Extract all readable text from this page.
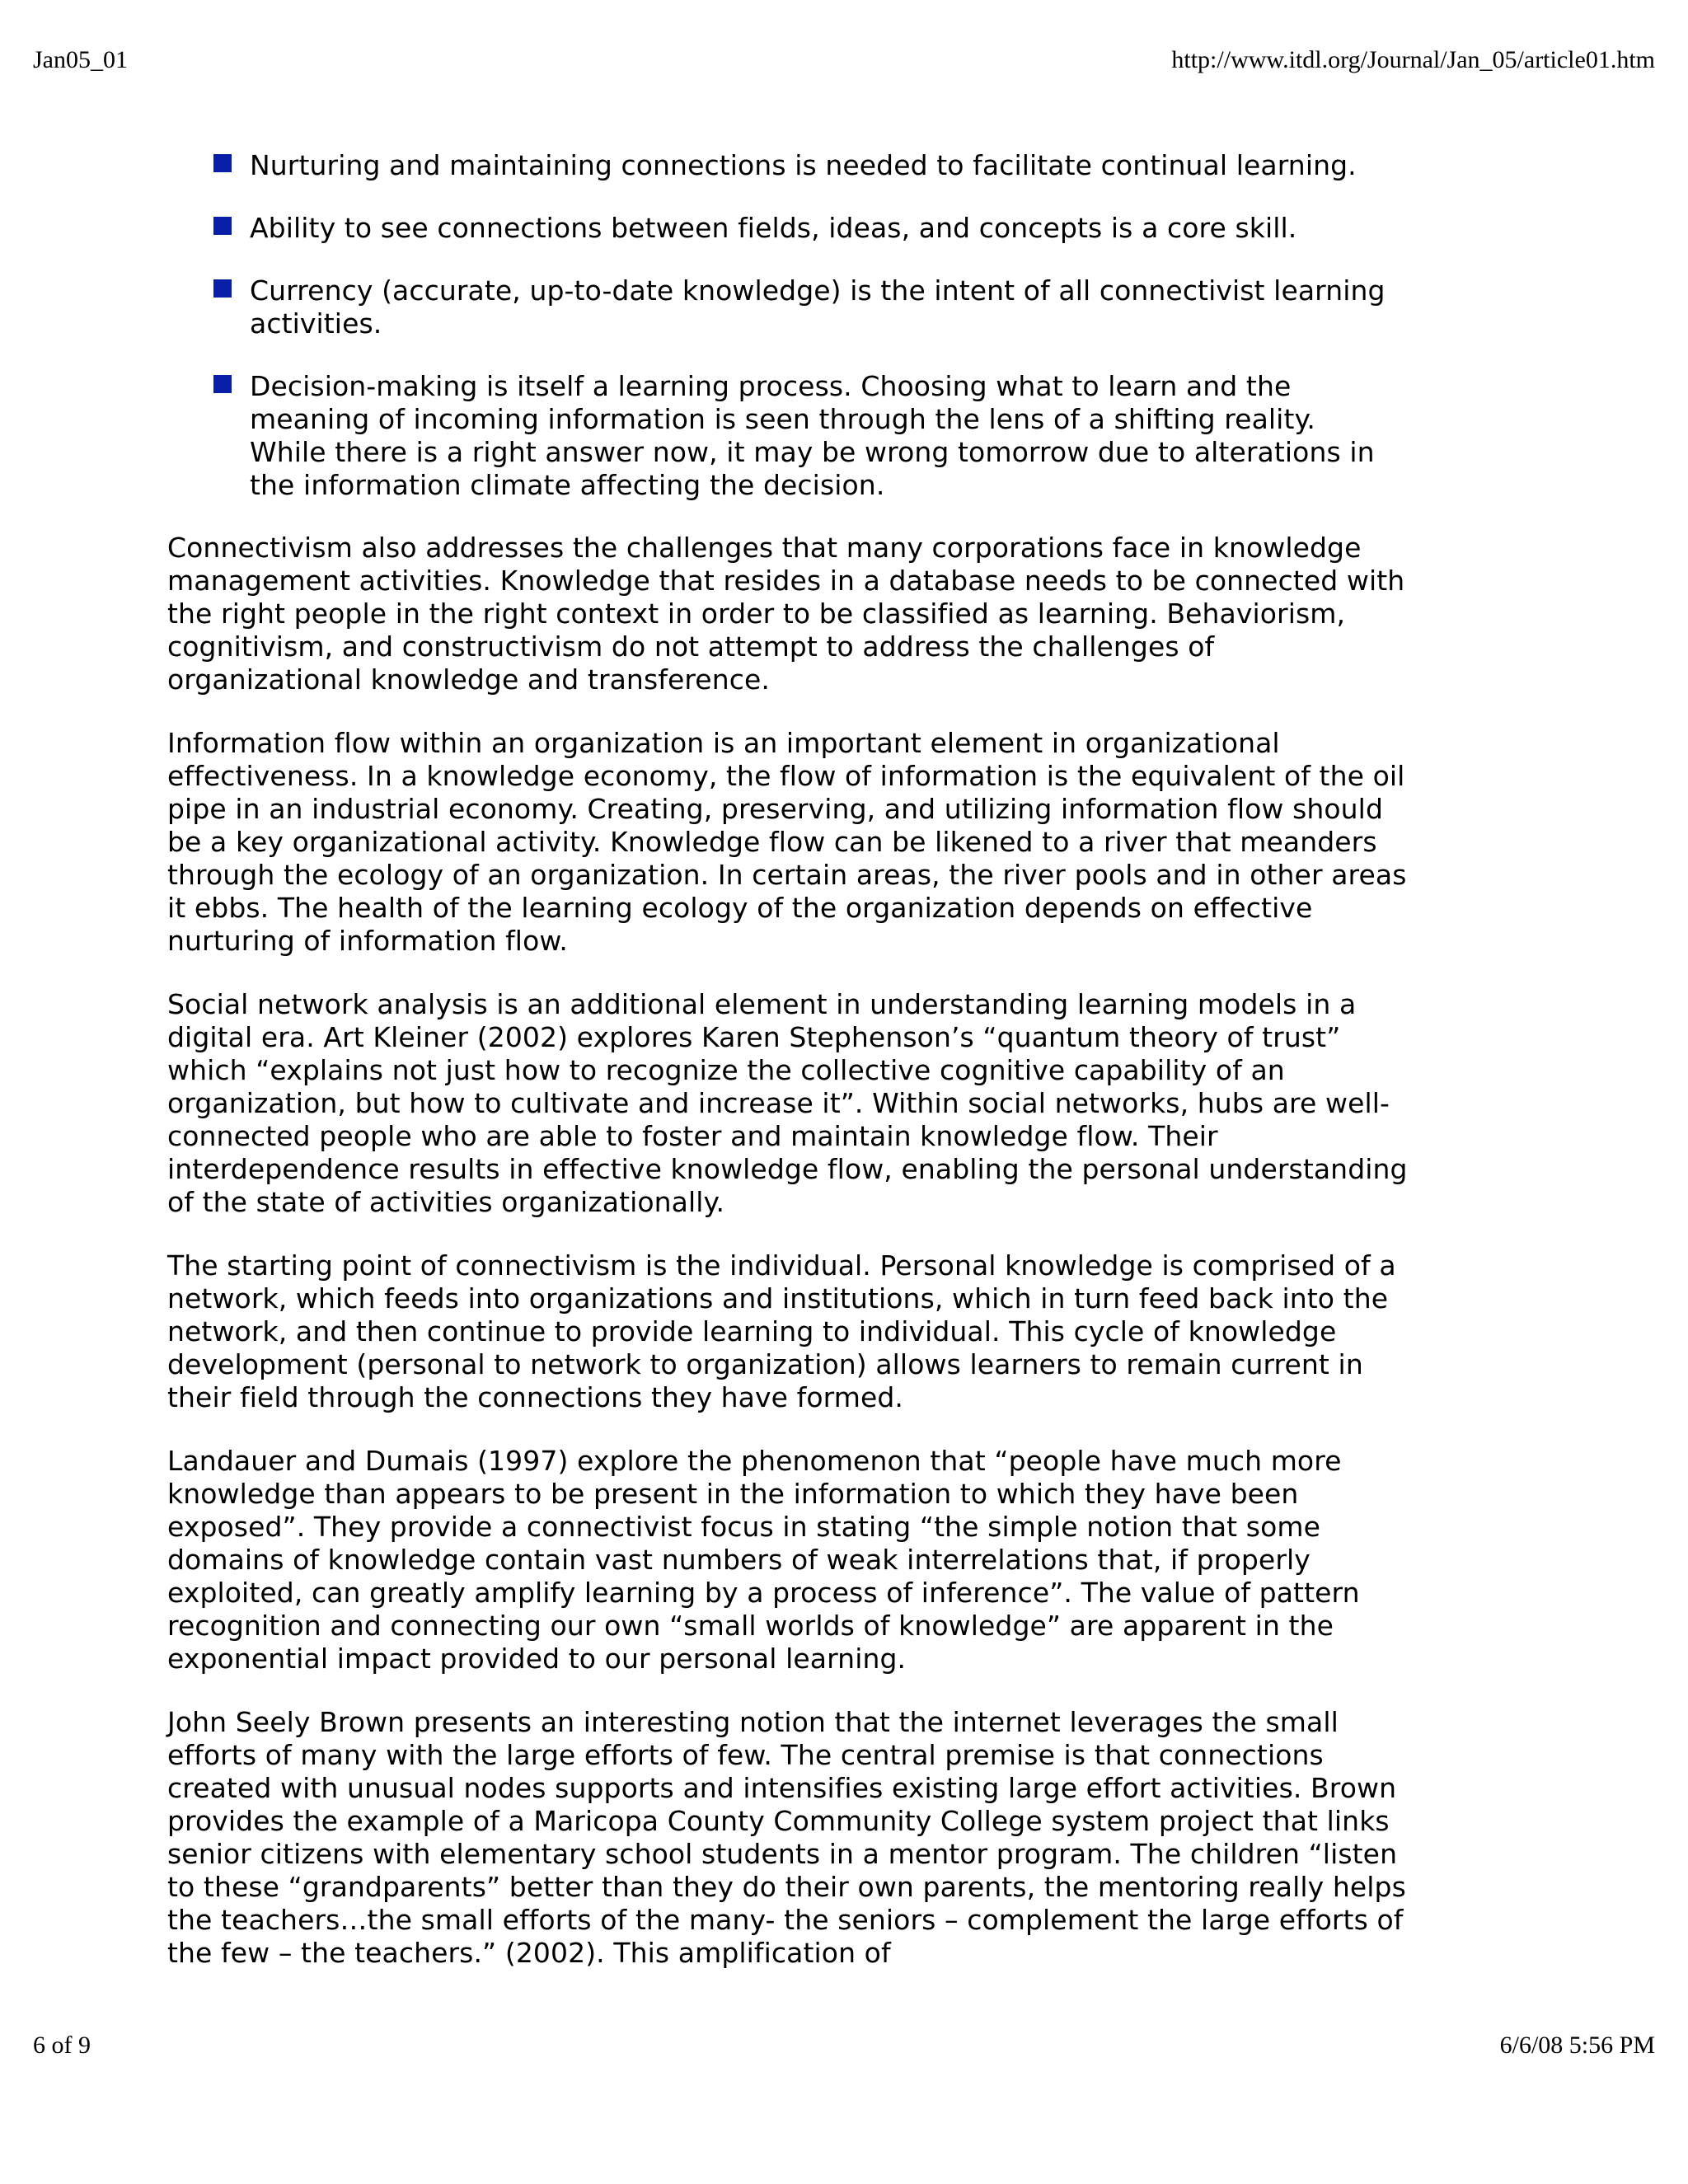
Jan05_01	http://www.itdl.org/Journal/Jan_05/article01.htm
Nurturing and maintaining connections is needed to facilitate continual learning.
Ability to see connections between fields, ideas, and concepts is a core skill.
Currency (accurate, up-to-date knowledge) is the intent of all connectivist learning activities.
Decision-making is itself a learning process. Choosing what to learn and the meaning of incoming information is seen through the lens of a shifting reality. While there is a right answer now, it may be wrong tomorrow due to alterations in the information climate affecting the decision.

Connectivism also addresses the challenges that many corporations face in knowledge management activities. Knowledge that resides in a database needs to be connected with the right people in the right context in order to be classified as learning. Behaviorism, cognitivism, and constructivism do not attempt to address the challenges of organizational knowledge and transference.

Information flow within an organization is an important element in organizational effectiveness. In a knowledge economy, the flow of information is the equivalent of the oil pipe in an industrial economy. Creating, preserving, and utilizing information flow should be a key organizational activity. Knowledge flow can be likened to a river that meanders through the ecology of an organization. In certain areas, the river pools and in other areas it ebbs. The health of the learning ecology of the organization depends on effective nurturing of information flow.

Social network analysis is an additional element in understanding learning models in a digital era. Art Kleiner (2002) explores Karen Stephenson’s “quantum theory of trust” which “explains not just how to recognize the collective cognitive capability of an organization, but how to cultivate and increase it”. Within social networks, hubs are well-connected people who are able to foster and maintain knowledge flow. Their interdependence results in effective knowledge flow, enabling the personal understanding of the state of activities organizationally.

The starting point of connectivism is the individual. Personal knowledge is comprised of a network, which feeds into organizations and institutions, which in turn feed back into the network, and then continue to provide learning to individual. This cycle of knowledge development (personal to network to organization) allows learners to remain current in their field through the connections they have formed.

Landauer and Dumais (1997) explore the phenomenon that “people have much more knowledge than appears to be present in the information to which they have been exposed”. They provide a connectivist focus in stating “the simple notion that some domains of knowledge contain vast numbers of weak interrelations that, if properly exploited, can greatly amplify learning by a process of inference”. The value of pattern recognition and connecting our own “small worlds of knowledge” are apparent in the exponential impact provided to our personal learning.

John Seely Brown presents an interesting notion that the internet leverages the small efforts of many with the large efforts of few. The central premise is that connections created with unusual nodes supports and intensifies existing large effort activities. Brown provides the example of a Maricopa County Community College system project that links senior citizens with elementary school students in a mentor program. The children “listen to these “grandparents” better than they do their own parents, the mentoring really helps the teachers…the small efforts of the many- the seniors – complement the large efforts of the few – the teachers.” (2002). This amplification of

6 of 9	6/6/08 5:56 PM
